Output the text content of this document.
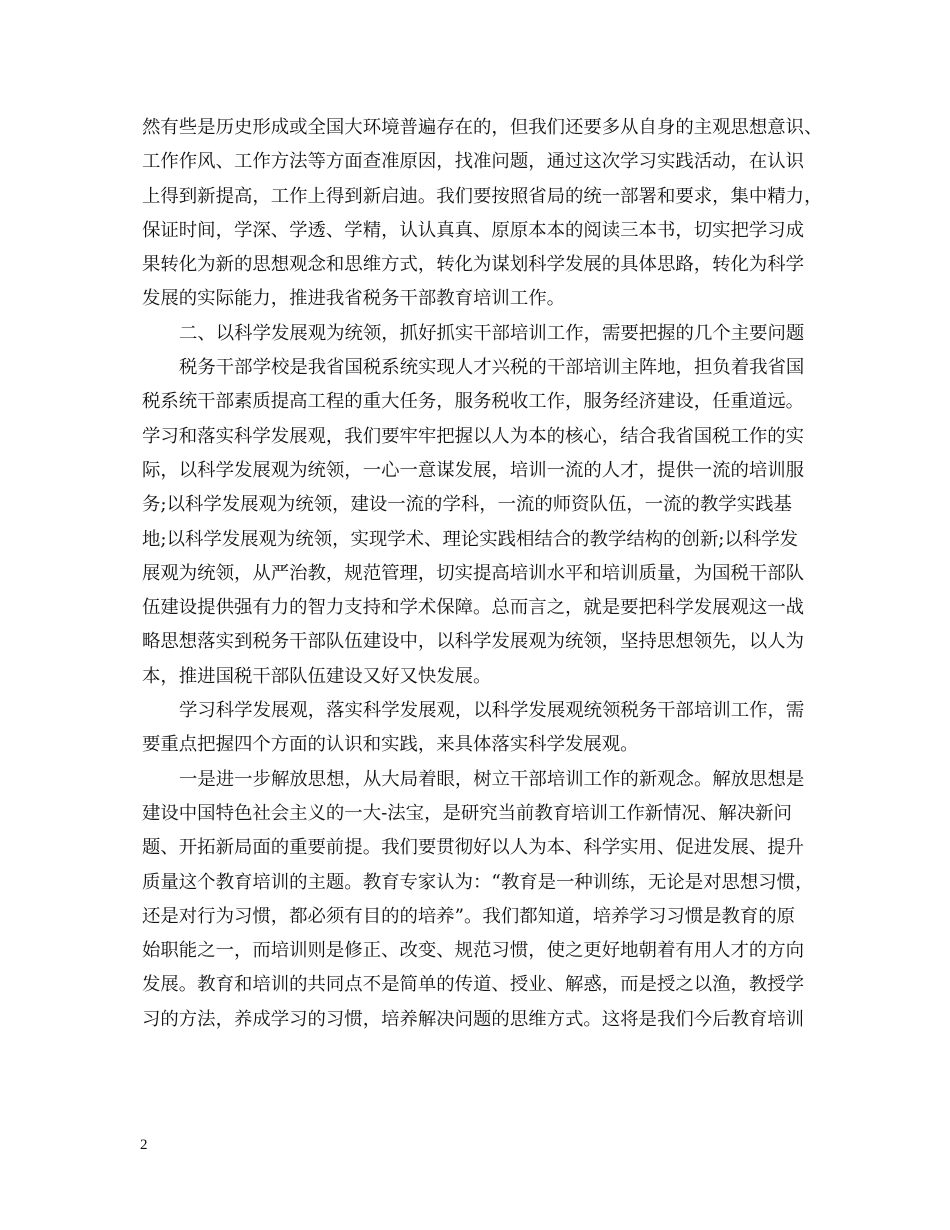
然有些是历史形成或全国大环境普遍存在的，但我们还要多从自身的主观思想意识、
工作作风、工作方法等方面查准原因，找准问题，通过这次学习实践活动，在认识
上得到新提高，工作上得到新启迪。我们要按照省局的统一部署和要求，集中精力，
保证时间，学深、学透、学精，认认真真、原原本本的阅读三本书，切实把学习成
果转化为新的思想观念和思维方式，转化为谋划科学发展的具体思路，转化为科学
发展的实际能力，推进我省税务干部教育培训工作。
二、以科学发展观为统领，抓好抓实干部培训工作，需要把握的几个主要问题
税务干部学校是我省国税系统实现人才兴税的干部培训主阵地，担负着我省国
税系统干部素质提高工程的重大任务，服务税收工作，服务经济建设，任重道远。
学习和落实科学发展观，我们要牢牢把握以人为本的核心，结合我省国税工作的实
际，以科学发展观为统领，一心一意谋发展，培训一流的人才，提供一流的培训服
务;以科学发展观为统领，建设一流的学科，一流的师资队伍，一流的教学实践基
地;以科学发展观为统领，实现学术、理论实践相结合的教学结构的创新;以科学发
展观为统领，从严治教，规范管理，切实提高培训水平和培训质量，为国税干部队
伍建设提供强有力的智力支持和学术保障。总而言之，就是要把科学发展观这一战
略思想落实到税务干部队伍建设中，以科学发展观为统领，坚持思想领先，以人为
本，推进国税干部队伍建设又好又快发展。
学习科学发展观，落实科学发展观，以科学发展观统领税务干部培训工作，需
要重点把握四个方面的认识和实践，来具体落实科学发展观。
一是进一步解放思想，从大局着眼，树立干部培训工作的新观念。解放思想是
建设中国特色社会主义的一大-法宝，是研究当前教育培训工作新情况、解决新问
题、开拓新局面的重要前提。我们要贯彻好以人为本、科学实用、促进发展、提升
质量这个教育培训的主题。教育专家认为：“教育是一种训练，无论是对思想习惯，
还是对行为习惯，都必须有目的的培养”。我们都知道，培养学习习惯是教育的原
始职能之一，而培训则是修正、改变、规范习惯，使之更好地朝着有用人才的方向
发展。教育和培训的共同点不是简单的传道、授业、解惑，而是授之以渔，教授学
习的方法，养成学习的习惯，培养解决问题的思维方式。这将是我们今后教育培训
2
